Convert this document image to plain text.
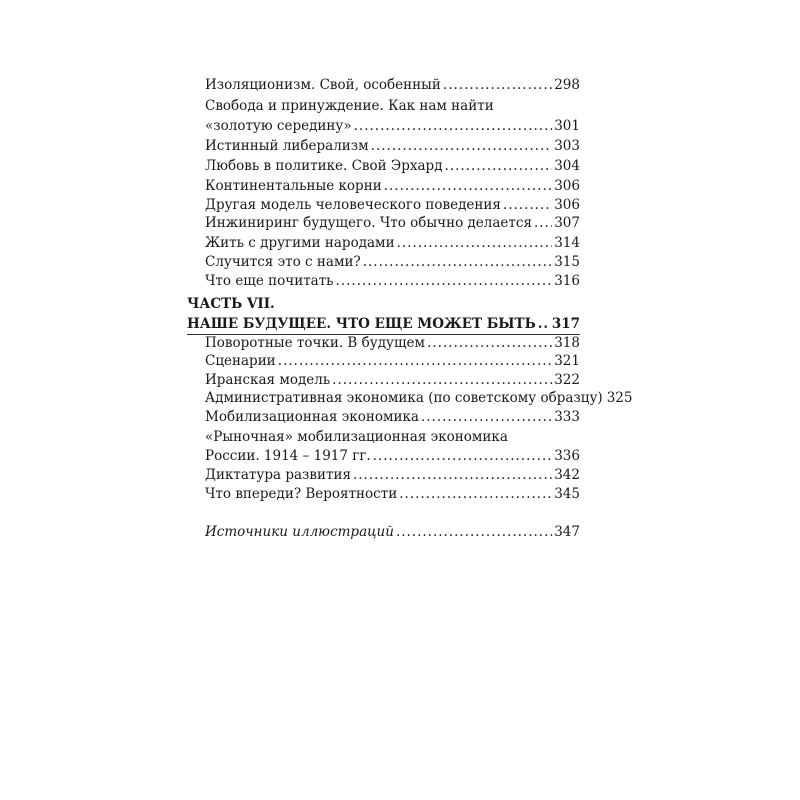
Изоляционизм. Свой, особенный .....	298
Свобода и принуждение. Как нам найти
«золотую середину» .....	301
Истинный либерализм .....	303
Любовь в политике. Свой Эрхард .....	304
Континентальные корни .....	306
Другая модель человеческого поведения .....	306
Инжиниринг будущего. Что обычно делается ..... 307
Жить с другими народами .....	314
Случится это с нами? .....	315
Что еще почитать .....	316
ЧАСТЬ VII.
НАШЕ БУДУЩЕЕ. ЧТО ЕЩЕ МОЖЕТ БЫТЬ ..... 317
Поворотные точки. В будущем .....	318
Сценарии .....	321
Иранская модель .....	322
Административная экономика (по советскому образцу) 325
Мобилизационная экономика .....	333
«Рыночная» мобилизационная экономика
России. 1914 – 1917 гг. .....	336
Диктатура развития .....	342
Что впереди? Вероятности .....	345
Источники иллюстраций .....	347
